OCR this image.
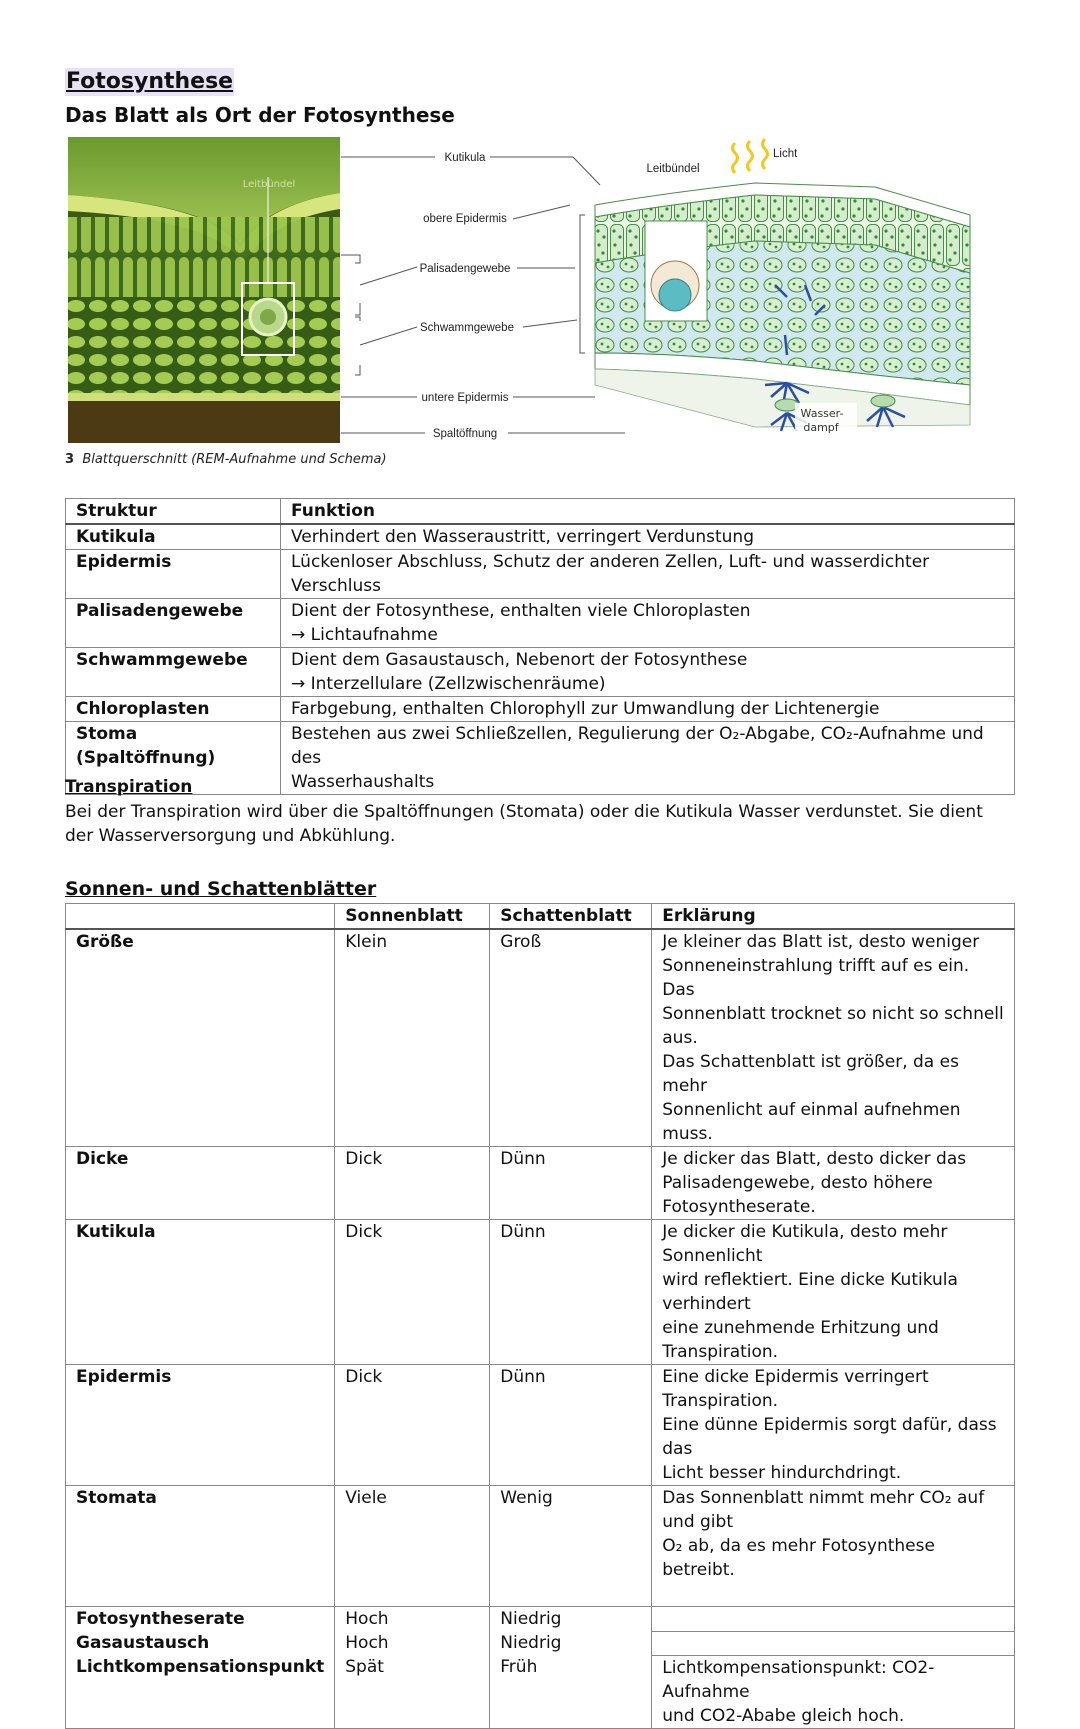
Fotosynthese
Das Blatt als Ort der Fotosynthese
Leitbündel
Kutikula
obere Epidermis
Palisadengewebe
Schwammgewebe
untere Epidermis
Spaltöffnung
Leitbündel
Licht
Wasser-
dampf
3 Blattquerschnitt (REM-Aufnahme und Schema)
Struktur	Funktion
Kutikula	Verhindert den Wasseraustritt, verringert Verdunstung

Epidermis	Lückenloser Abschluss, Schutz der anderen Zellen, Luft- und wasserdichter Verschluss

Palisadengewebe	Dient der Fotosynthese, enthalten viele Chloroplasten
→ Lichtaufnahme

Schwammgewebe	Dient dem Gasaustausch, Nebenort der Fotosynthese
→ Interzellulare (Zellzwischenräume)

Chloroplasten	Farbgebung, enthalten Chlorophyll zur Umwandlung der Lichtenergie

Stoma (Spaltöffnung)	Bestehen aus zwei Schließzellen, Regulierung der O₂-Abgabe, CO₂-Aufnahme und des
Wasserhaushalts
Transpiration
Bei der Transpiration wird über die Spaltöffnungen (Stomata) oder die Kutikula Wasser verdunstet. Sie dient der Wasserversorgung und Abkühlung.
Sonnen- und Schattenblätter
	Sonnenblatt	Schattenblatt	Erklärung
Größe	Klein	Groß	Je kleiner das Blatt ist, desto weniger
Sonneneinstrahlung trifft auf es ein. Das
Sonnenblatt trocknet so nicht so schnell aus.
Das Schattenblatt ist größer, da es mehr
Sonnenlicht auf einmal aufnehmen muss.

Dicke	Dick	Dünn	Je dicker das Blatt, desto dicker das
Palisadengewebe, desto höhere
Fotosyntheserate.

Kutikula	Dick	Dünn	Je dicker die Kutikula, desto mehr Sonnenlicht
wird reflektiert. Eine dicke Kutikula verhindert
eine zunehmende Erhitzung und
Transpiration.

Epidermis	Dick	Dünn	Eine dicke Epidermis verringert Transpiration.
Eine dünne Epidermis sorgt dafür, dass das
Licht besser hindurchdringt.

Stomata	Viele	Wenig	Das Sonnenblatt nimmt mehr CO₂ auf und gibt
O₂ ab, da es mehr Fotosynthese betreibt.

Fotosyntheserate	Hoch	Niedrig	
Gasaustausch	Hoch	Niedrig	
Lichtkompensationspunkt	Spät	Früh	Lichtkompensationspunkt: CO2-Aufnahme
und CO2-Ababe gleich hoch.
